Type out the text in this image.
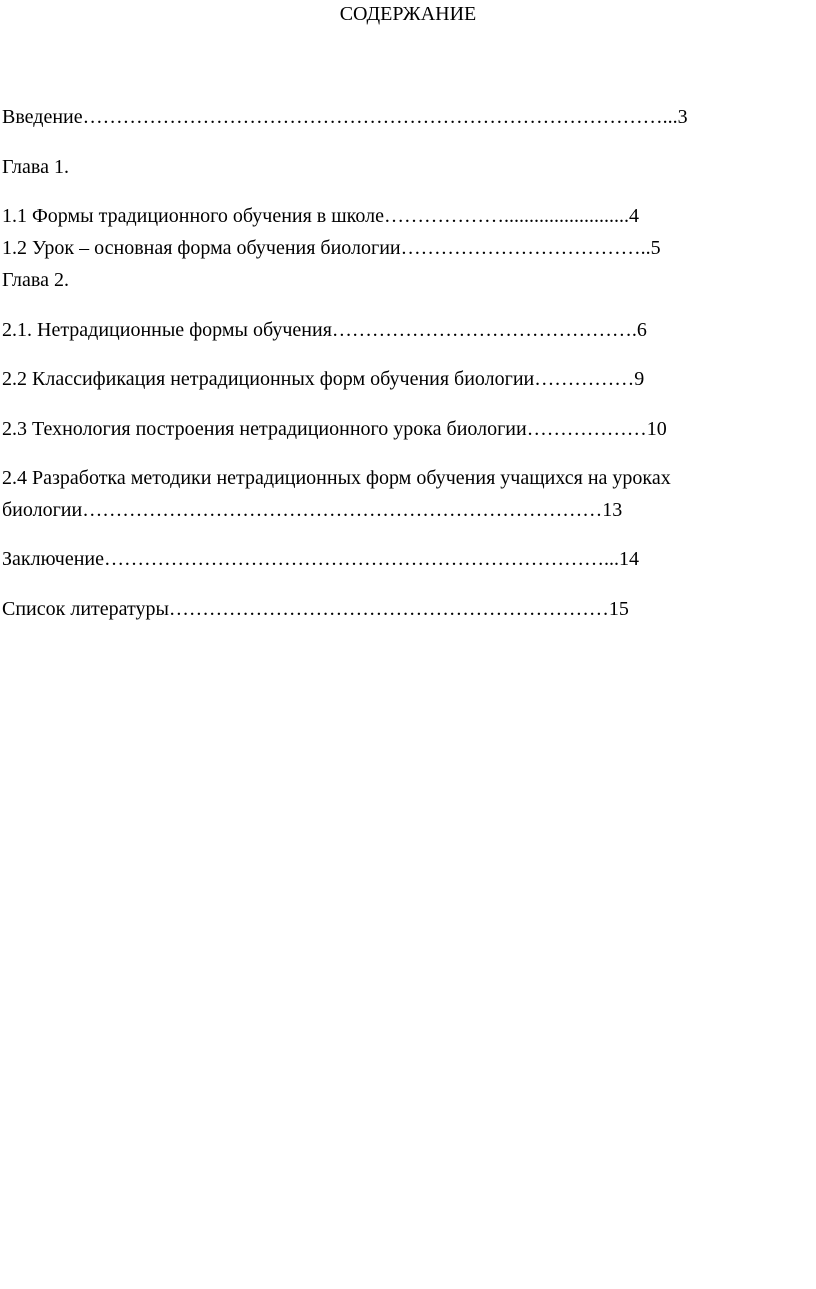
СОДЕРЖАНИЕ

Введение……………………………………………………………………………...3

Глава 1.

1.1 Формы традиционного обучения в школе……………….........................4

1.2 Урок – основная форма обучения биологии………………………………..5

Глава 2.

2.1. Нетрадиционные формы обучения……………………………………….6

2.2 Классификация нетрадиционных форм обучения биологии……………9

2.3 Технология построения нетрадиционного урока биологии………………10

2.4 Разработка методики нетрадиционных форм обучения учащихся на уроках

биологии……………………………………………………………………13

Заключение…………………………………………………………………...14

Список литературы…………………………………………………………15
